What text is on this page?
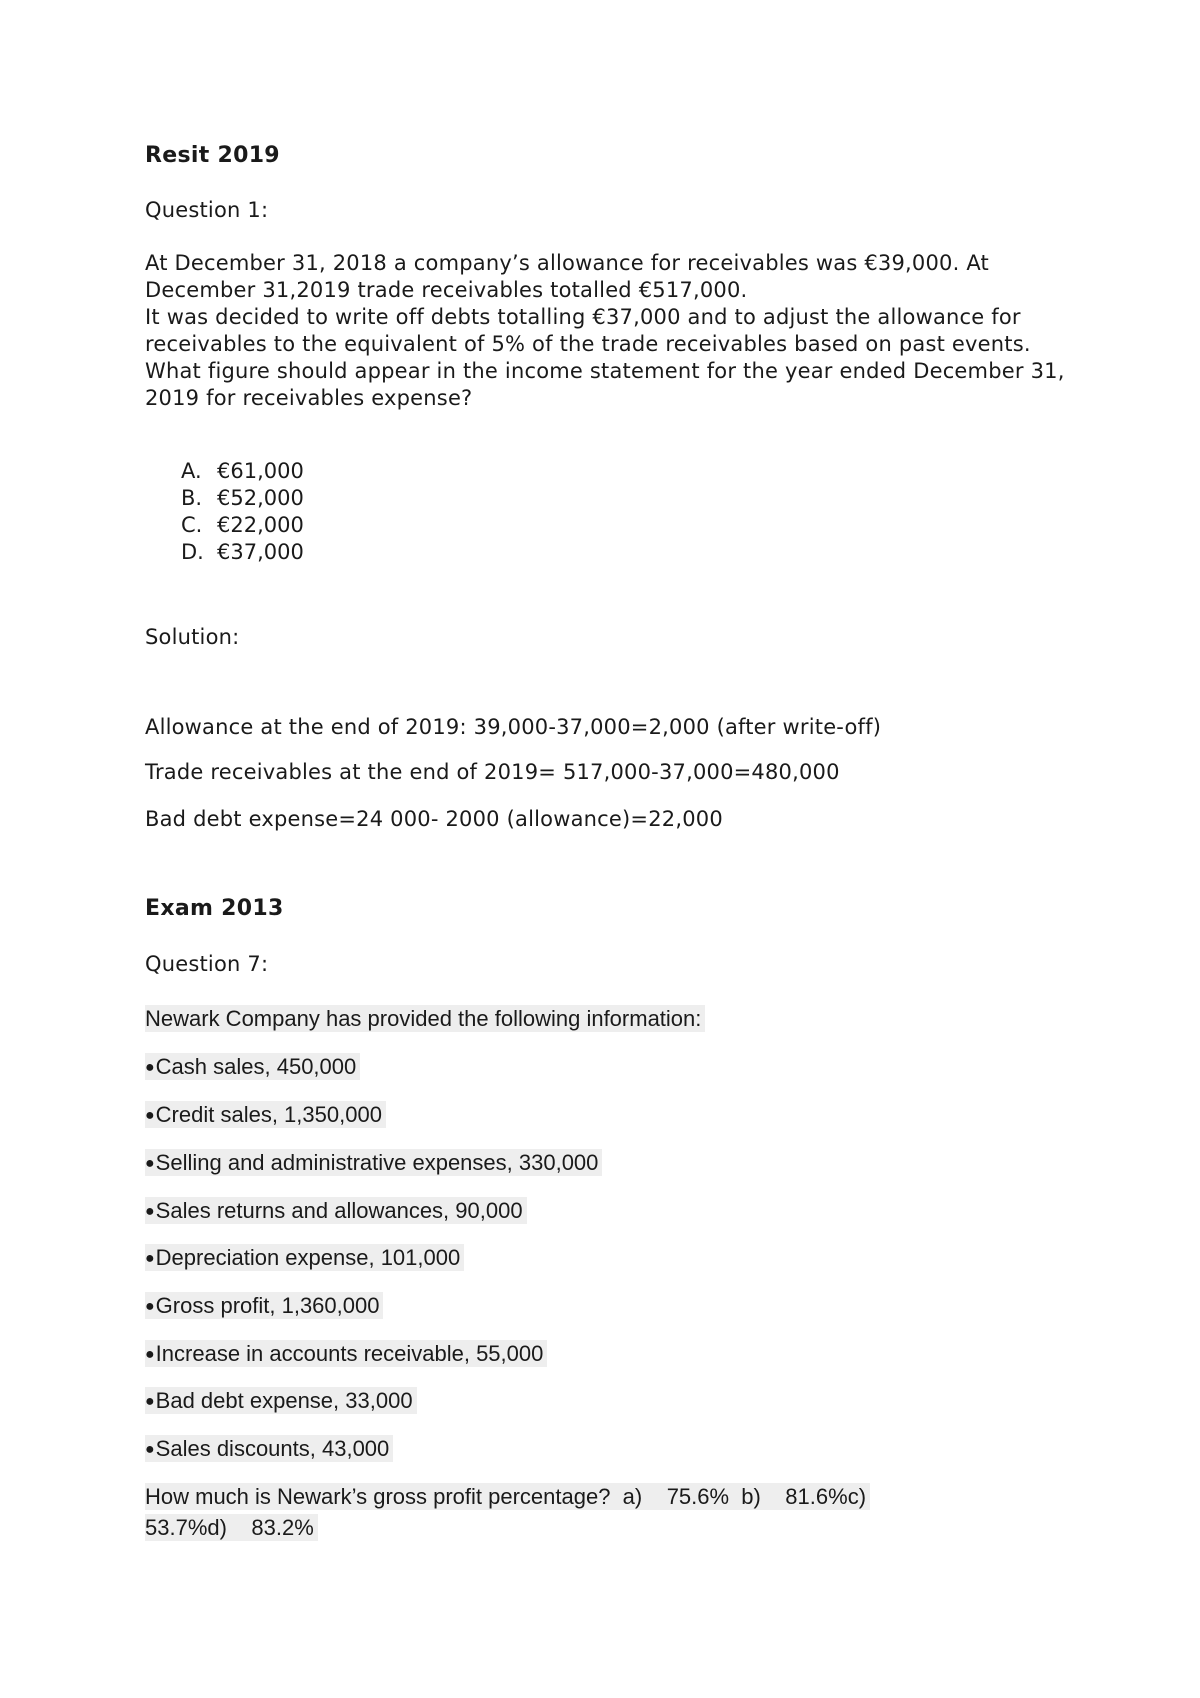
Resit 2019

Question 1:

At December 31, 2018 a company’s allowance for receivables was €39,000. At December 31,2019 trade receivables totalled €517,000.

It was decided to write off debts totalling €37,000 and to adjust the allowance for receivables to the equivalent of 5% of the trade receivables based on past events.

What figure should appear in the income statement for the year ended December 31, 2019 for receivables expense?

A. €61,000
B. €52,000
C. €22,000
D. €37,000

Solution:

Allowance at the end of 2019: 39,000-37,000=2,000 (after write-off)

Trade receivables at the end of 2019= 517,000-37,000=480,000

Bad debt expense=24 000- 2000 (allowance)=22,000

Exam 2013

Question 7:

Newark Company has provided the following information:

●Cash sales, 450,000

●Credit sales, 1,350,000

●Selling and administrative expenses, 330,000

●Sales returns and allowances, 90,000

●Depreciation expense, 101,000

●Gross profit, 1,360,000

●Increase in accounts receivable, 55,000

●Bad debt expense, 33,000

●Sales discounts, 43,000

How much is Newark’s gross profit percentage?  a)    75.6%  b)    81.6%c)

53.7%d)    83.2%
